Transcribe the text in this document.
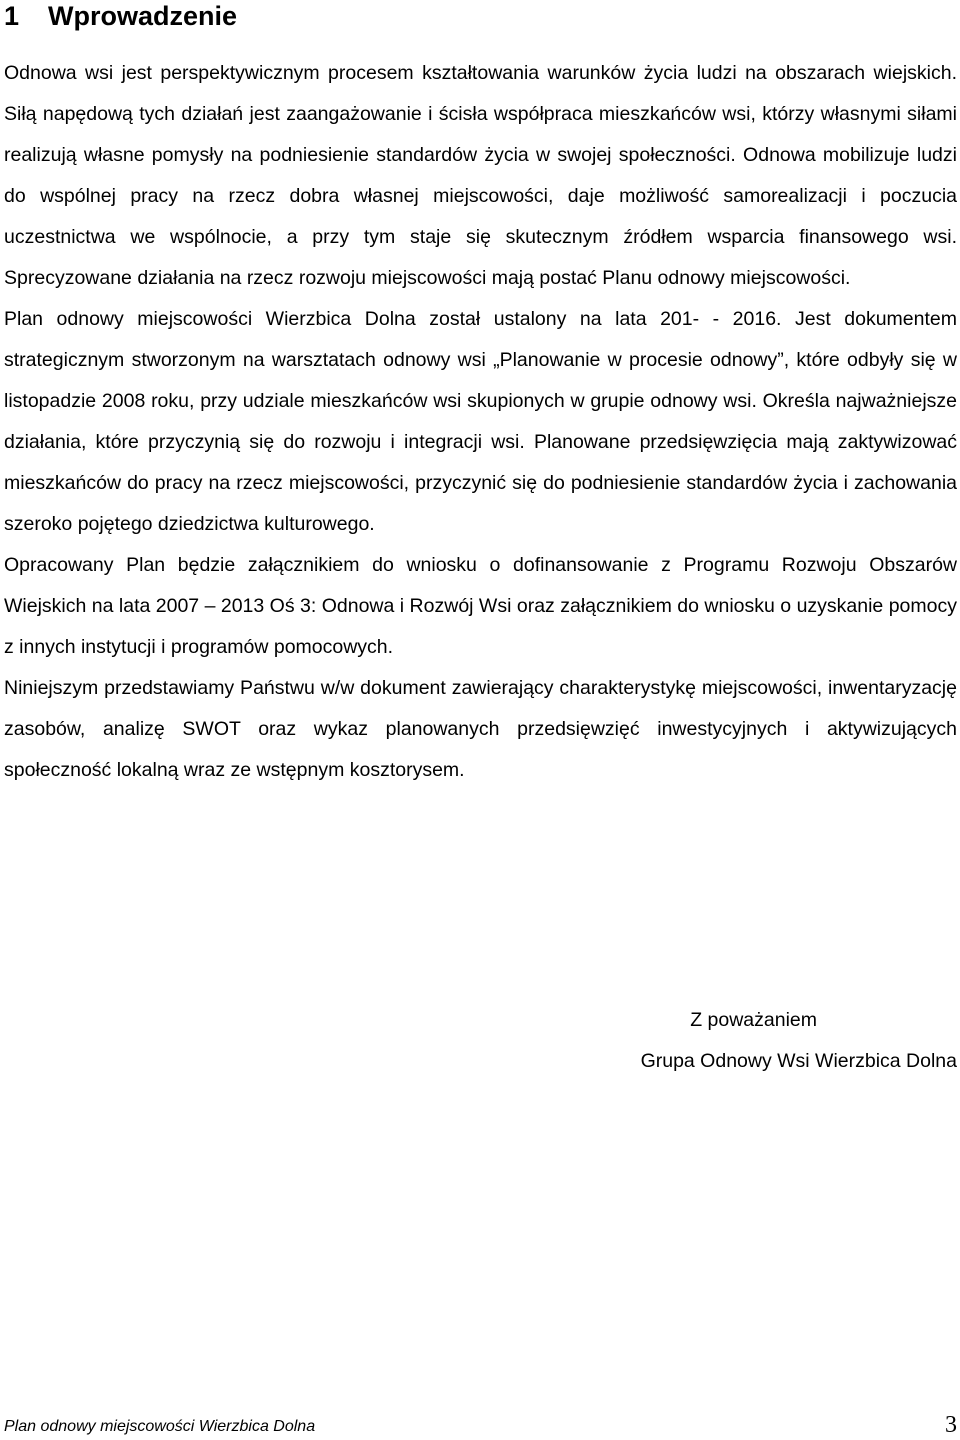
1 Wprowadzenie

Odnowa wsi jest perspektywicznym procesem kształtowania warunków życia ludzi na obszarach wiejskich. Siłą napędową tych działań jest zaangażowanie i ścisła współpraca mieszkańców wsi, którzy własnymi siłami realizują własne pomysły na podniesienie standardów życia w swojej społeczności. Odnowa mobilizuje ludzi do wspólnej pracy na rzecz dobra własnej miejscowości, daje możliwość samorealizacji i poczucia uczestnictwa we wspólnocie, a przy tym staje się skutecznym źródłem wsparcia finansowego wsi. Sprecyzowane działania na rzecz rozwoju miejscowości mają postać Planu odnowy miejscowości.

Plan odnowy miejscowości Wierzbica Dolna został ustalony na lata 201- - 2016. Jest dokumentem strategicznym stworzonym na warsztatach odnowy wsi „Planowanie w procesie odnowy”, które odbyły się w listopadzie 2008 roku, przy udziale mieszkańców wsi skupionych w grupie odnowy wsi. Określa najważniejsze działania, które przyczynią się do rozwoju i integracji wsi. Planowane przedsięwzięcia mają zaktywizować mieszkańców do pracy na rzecz miejscowości, przyczynić się do podniesienie standardów życia i zachowania szeroko pojętego dziedzictwa kulturowego.

Opracowany Plan będzie załącznikiem do wniosku o dofinansowanie z Programu Rozwoju Obszarów Wiejskich na lata 2007 – 2013 Oś 3: Odnowa i Rozwój Wsi oraz załącznikiem do wniosku o uzyskanie pomocy z innych instytucji i programów pomocowych.

Niniejszym przedstawiamy Państwu w/w dokument zawierający charakterystykę miejscowości, inwentaryzację zasobów, analizę SWOT oraz wykaz planowanych przedsięwzięć inwestycyjnych i aktywizujących społeczność lokalną wraz ze wstępnym kosztorysem.

Z poważaniem
Grupa Odnowy Wsi Wierzbica Dolna
Plan odnowy miejscowości Wierzbica Dolna	3
